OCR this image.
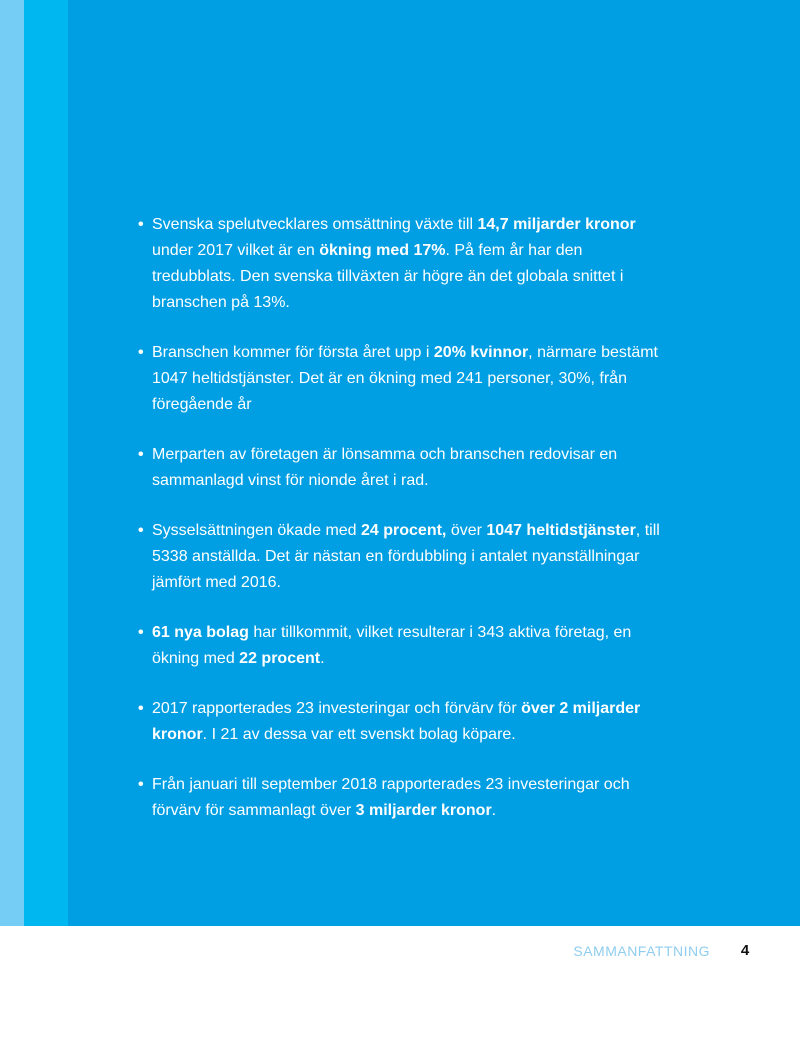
• Svenska spelutvecklares omsättning växte till 14,7 miljarder kronor under 2017 vilket är en ökning med 17%. På fem år har den tredubblats. Den svenska tillväxten är högre än det globala snittet i branschen på 13%.
• Branschen kommer för första året upp i 20% kvinnor, närmare bestämt 1047 heltidstjänster. Det är en ökning med 241 personer, 30%, från föregående år
• Merparten av företagen är lönsamma och branschen redovisar en sammanlagd vinst för nionde året i rad.
• Sysselsättningen ökade med 24 procent, över 1047 heltidstjänster, till 5338 anställda. Det är nästan en fördubbling i antalet nyanställningar jämfört med 2016.
• 61 nya bolag har tillkommit, vilket resulterar i 343 aktiva företag, en ökning med 22 procent.
• 2017 rapporterades 23 investeringar och förvärv för över 2 miljarder kronor. I 21 av dessa var ett svenskt bolag köpare.
• Från januari till september 2018 rapporterades 23 investeringar och förvärv för sammanlagt över 3 miljarder kronor.
SAMMANFATTNING	4
